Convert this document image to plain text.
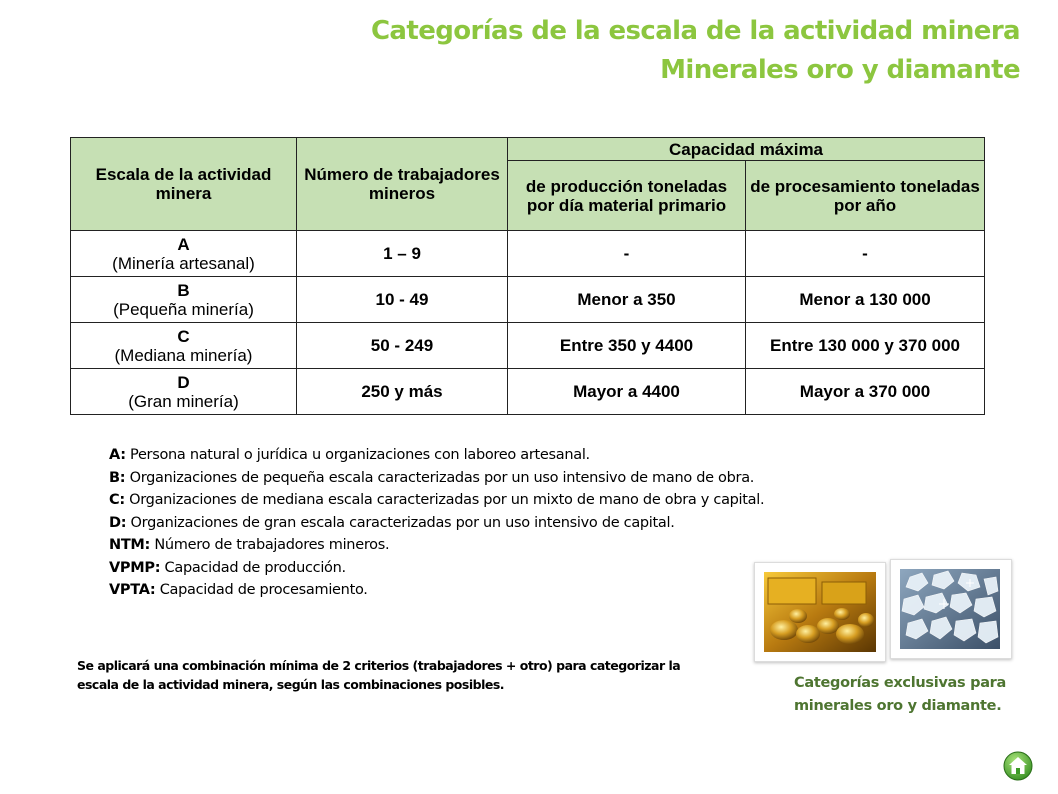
Categorías de la escala de la actividad minera
Minerales oro y diamante
Escala de la actividad minera	Número de trabajadores mineros	Capacidad máxima	
		de producción toneladas por día material primario	de procesamiento toneladas por año

A
(Minería artesanal)	1 – 9	-	-

B
(Pequeña minería)	10 - 49	Menor a 350	Menor a 130 000

C
(Mediana minería)	50 - 249	Entre 350 y 4400	Entre 130 000 y 370 000

D
(Gran minería)	250 y más	Mayor a 4400	Mayor a 370 000
A: Persona natural o jurídica u organizaciones con laboreo artesanal.
B: Organizaciones de pequeña escala caracterizadas por un uso intensivo de mano de obra.
C: Organizaciones de mediana escala caracterizadas por un mixto de mano de obra y capital.
D: Organizaciones de gran escala caracterizadas por un uso intensivo de capital.
NTM: Número de trabajadores mineros.
VPMP: Capacidad de producción.
VPTA: Capacidad de procesamiento.
Se aplicará una combinación mínima de 2 criterios (trabajadores + otro) para categorizar la escala de la actividad minera, según las combinaciones posibles.	Categorías exclusivas para
minerales oro y diamante.
